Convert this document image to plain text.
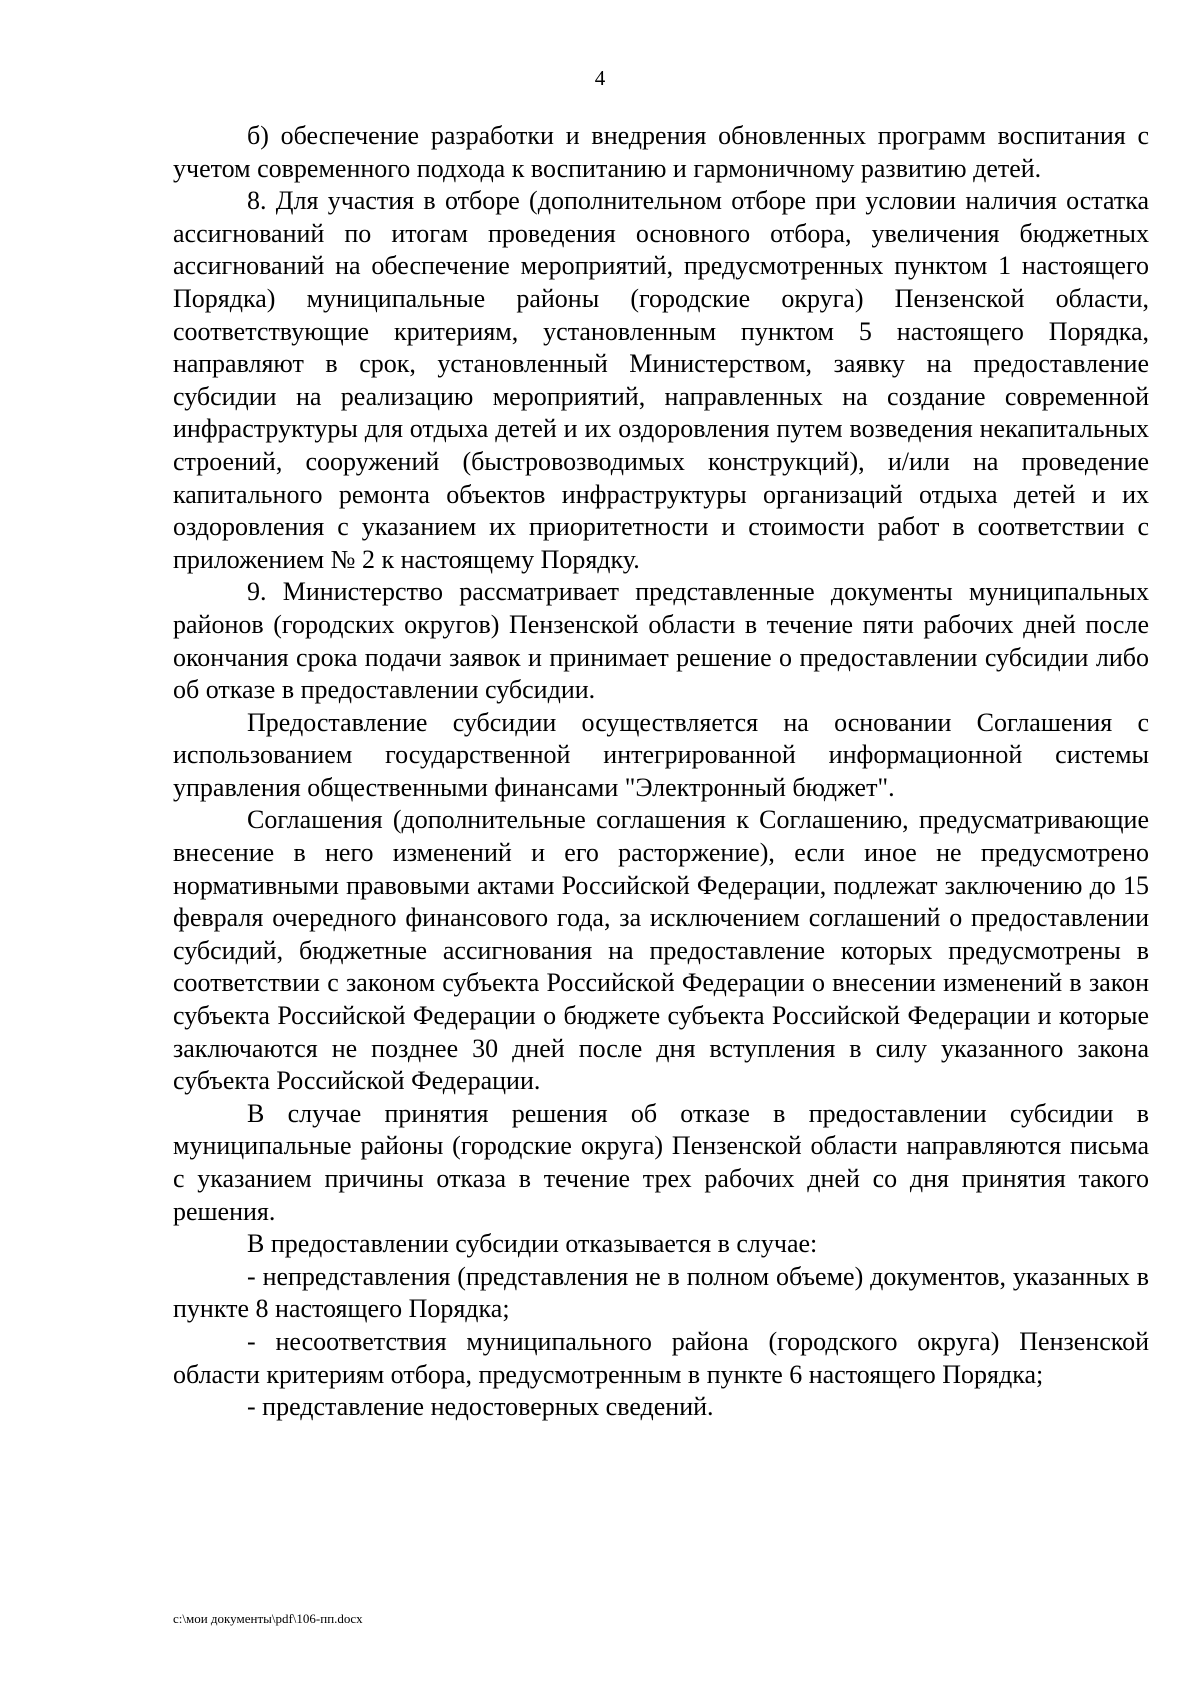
4

б) обеспечение разработки и внедрения обновленных программ воспитания с учетом современного подхода к воспитанию и гармоничному развитию детей.

8. Для участия в отборе (дополнительном отборе при условии наличия остатка ассигнований по итогам проведения основного отбора, увеличения бюджетных ассигнований на обеспечение мероприятий, предусмотренных пунктом 1 настоящего Порядка) муниципальные районы (городские округа) Пензенской области, соответствующие критериям, установленным пунктом 5 настоящего Порядка, направляют в срок, установленный Министерством, заявку на предоставление субсидии на реализацию мероприятий, направленных на создание современной инфраструктуры для отдыха детей и их оздоровления путем возведения некапитальных строений, сооружений (быстровозводимых конструкций), и/или на проведение капитального ремонта объектов инфраструктуры организаций отдыха детей и их оздоровления с указанием их приоритетности и стоимости работ в соответствии с приложением № 2 к настоящему Порядку.

9. Министерство рассматривает представленные документы муниципальных районов (городских округов) Пензенской области в течение пяти рабочих дней после окончания срока подачи заявок и принимает решение о предоставлении субсидии либо об отказе в предоставлении субсидии.

Предоставление субсидии осуществляется на основании Соглашения с использованием государственной интегрированной информационной системы управления общественными финансами "Электронный бюджет".

Соглашения (дополнительные соглашения к Соглашению, предусматривающие внесение в него изменений и его расторжение), если иное не предусмотрено нормативными правовыми актами Российской Федерации, подлежат заключению до 15 февраля очередного финансового года, за исключением соглашений о предоставлении субсидий, бюджетные ассигнования на предоставление которых предусмотрены в соответствии с законом субъекта Российской Федерации о внесении изменений в закон субъекта Российской Федерации о бюджете субъекта Российской Федерации и которые заключаются не позднее 30 дней после дня вступления в силу указанного закона субъекта Российской Федерации.

В случае принятия решения об отказе в предоставлении субсидии в муниципальные районы (городские округа) Пензенской области направляются письма с указанием причины отказа в течение трех рабочих дней со дня принятия такого решения.

В предоставлении субсидии отказывается в случае:

- непредставления (представления не в полном объеме) документов, указанных в пункте 8 настоящего Порядка;

- несоответствия муниципального района (городского округа) Пензенской области критериям отбора, предусмотренным в пункте 6 настоящего Порядка;

- представление недостоверных сведений.

c:\мои документы\pdf\106-пп.docx
